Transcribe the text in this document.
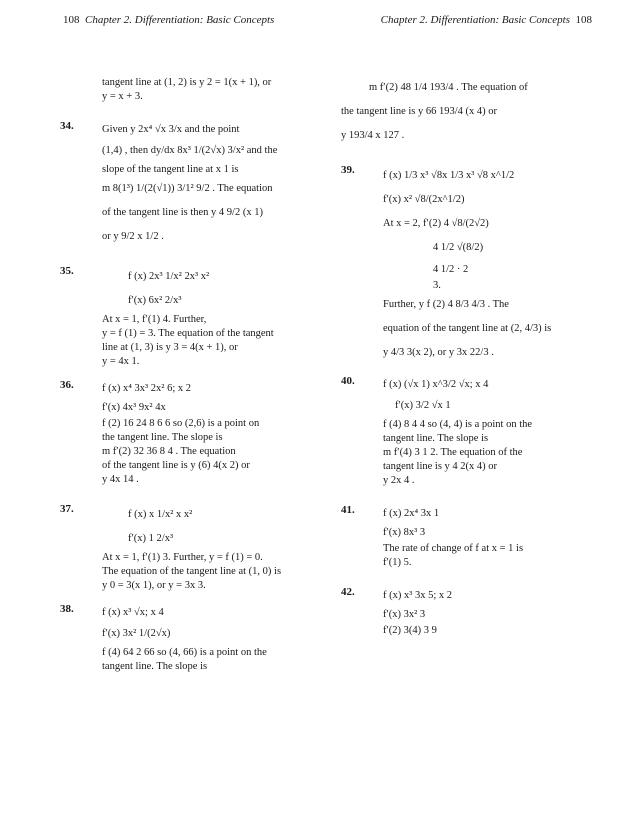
108 Chapter 2. Differentiation: Basic Concepts	Chapter 2. Differentiation: Basic Concepts 108
tangent line at (1, 2) is y 2 = 1(x + 1), or
y = x + 3.
34.	Given y 2x⁴ √x 3/x and the point
(1,4) , then dy/dx 8x³ 1/(2√x) 3/x² and the
slope of the tangent line at x 1 is
m 8(1³) 1/(2(√1)) 3/1² 9/2 . The equation
of the tangent line is then y 4 9/2 (x 1)
or y 9/2 x 1/2 .
35.	f (x) 2x³ 1/x² 2x³ x²
f′(x) 6x² 2/x³
At x = 1, f′(1) 4. Further,
y = f (1) = 3. The equation of the tangent
line at (1, 3) is y 3 = 4(x + 1), or
y = 4x 1.
36.	f (x) x⁴ 3x³ 2x² 6; x 2
f′(x) 4x³ 9x² 4x
f (2) 16 24 8 6 6 so (2,6) is a point on
the tangent line. The slope is
m f′(2) 32 36 8 4 . The equation
of the tangent line is y (6) 4(x 2) or
y 4x 14 .
37.	f (x) x 1/x² x x²
f′(x) 1 2/x³
At x = 1, f′(1) 3. Further, y = f (1) = 0.
The equation of the tangent line at (1, 0) is
y 0 = 3(x 1), or y = 3x 3.
38.	f (x) x³ √x; x 4
f′(x) 3x² 1/(2√x)
f (4) 64 2 66 so (4, 66) is a point on the
tangent line. The slope is
m f′(2) 48 1/4 193/4 . The equation of
the tangent line is y 66 193/4 (x 4) or
y 193/4 x 127 .
39.	f (x) 1/3 x³ √8x 1/3 x³ √8 x^1/2
f′(x) x² √8/(2x^1/2)
At x = 2, f′(2) 4 √8/(2√2)
4 1/2 √(8/2)
4 1/2 · 2
3.
Further, y f (2) 4 8/3 4/3 . The
equation of the tangent line at (2, 4/3) is
y 4/3 3(x 2), or y 3x 22/3 .
40.	f (x) (√x 1) x^3/2 √x; x 4
f′(x) 3/2 √x 1
f (4) 8 4 4 so (4, 4) is a point on the
tangent line. The slope is
m f′(4) 3 1 2. The equation of the
tangent line is y 4 2(x 4) or
y 2x 4 .
41.	f (x) 2x⁴ 3x 1
f′(x) 8x³ 3
The rate of change of f at x = 1 is
f′(1) 5.
42.	f (x) x³ 3x 5; x 2
f′(x) 3x² 3
f′(2) 3(4) 3 9
